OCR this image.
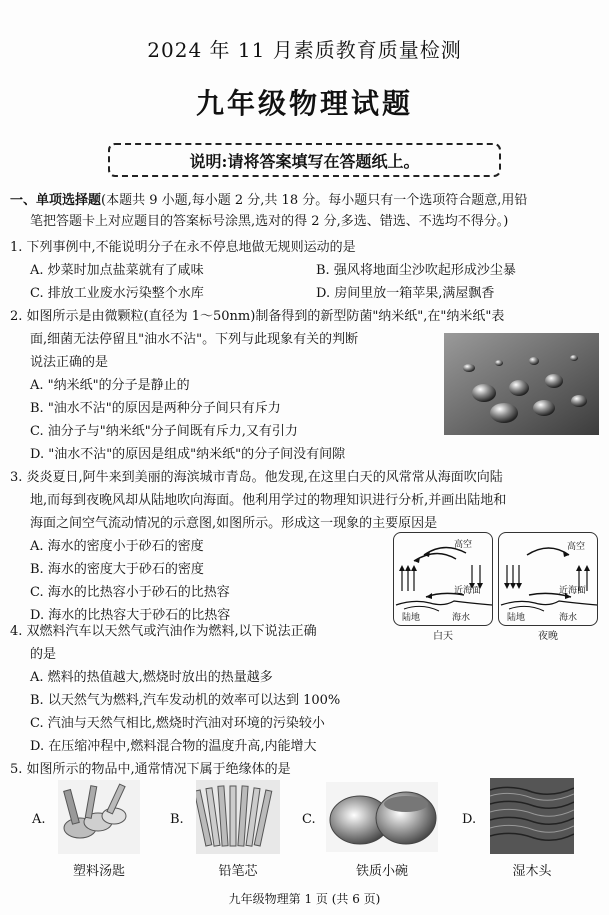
2024 年 11 月素质教育质量检测
九年级物理试题
说明:请将答案填写在答题纸上。
一、单项选择题(本题共 9 小题,每小题 2 分,共 18 分。每小题只有一个选项符合题意,用铅
笔把答题卡上对应题目的答案标号涂黑,选对的得 2 分,多选、错选、不选均不得分。)
1. 下列事例中,不能说明分子在永不停息地做无规则运动的是
A. 炒菜时加点盐菜就有了咸味	B. 强风将地面尘沙吹起形成沙尘暴
C. 排放工业废水污染整个水库	D. 房间里放一箱苹果,满屋飘香
2. 如图所示是由微颗粒(直径为 1～50nm)制备得到的新型防菌"纳米纸",在"纳米纸"表
面,细菌无法停留且"油水不沾"。下列与此现象有关的判断
说法正确的是
A. "纳米纸"的分子是静止的
B. "油水不沾"的原因是两种分子间只有斥力
C. 油分子与"纳米纸"分子间既有斥力,又有引力
D. "油水不沾"的原因是组成"纳米纸"的分子间没有间隙
3. 炎炎夏日,阿牛来到美丽的海滨城市青岛。他发现,在这里白天的风常常从海面吹向陆
地,而每到夜晚风却从陆地吹向海面。他利用学过的物理知识进行分析,并画出陆地和
海面之间空气流动情况的示意图,如图所示。形成这一现象的主要原因是
A. 海水的密度小于砂石的密度
B. 海水的密度大于砂石的密度
C. 海水的比热容小于砂石的比热容
D. 海水的比热容大于砂石的比热容
高空
近海面
陆地	海水
高空
近海面
陆地	海水
白天	夜晚
4. 双燃料汽车以天然气或汽油作为燃料,以下说法正确
的是
A. 燃料的热值越大,燃烧时放出的热量越多
B. 以天然气为燃料,汽车发动机的效率可以达到 100%
C. 汽油与天然气相比,燃烧时汽油对环境的污染较小
D. 在压缩冲程中,燃料混合物的温度升高,内能增大
5. 如图所示的物品中,通常情况下属于绝缘体的是
A.
塑料汤匙
B.
铅笔芯
C.
铁质小碗
D.
湿木头
九年级物理第 1 页 (共 6 页)
